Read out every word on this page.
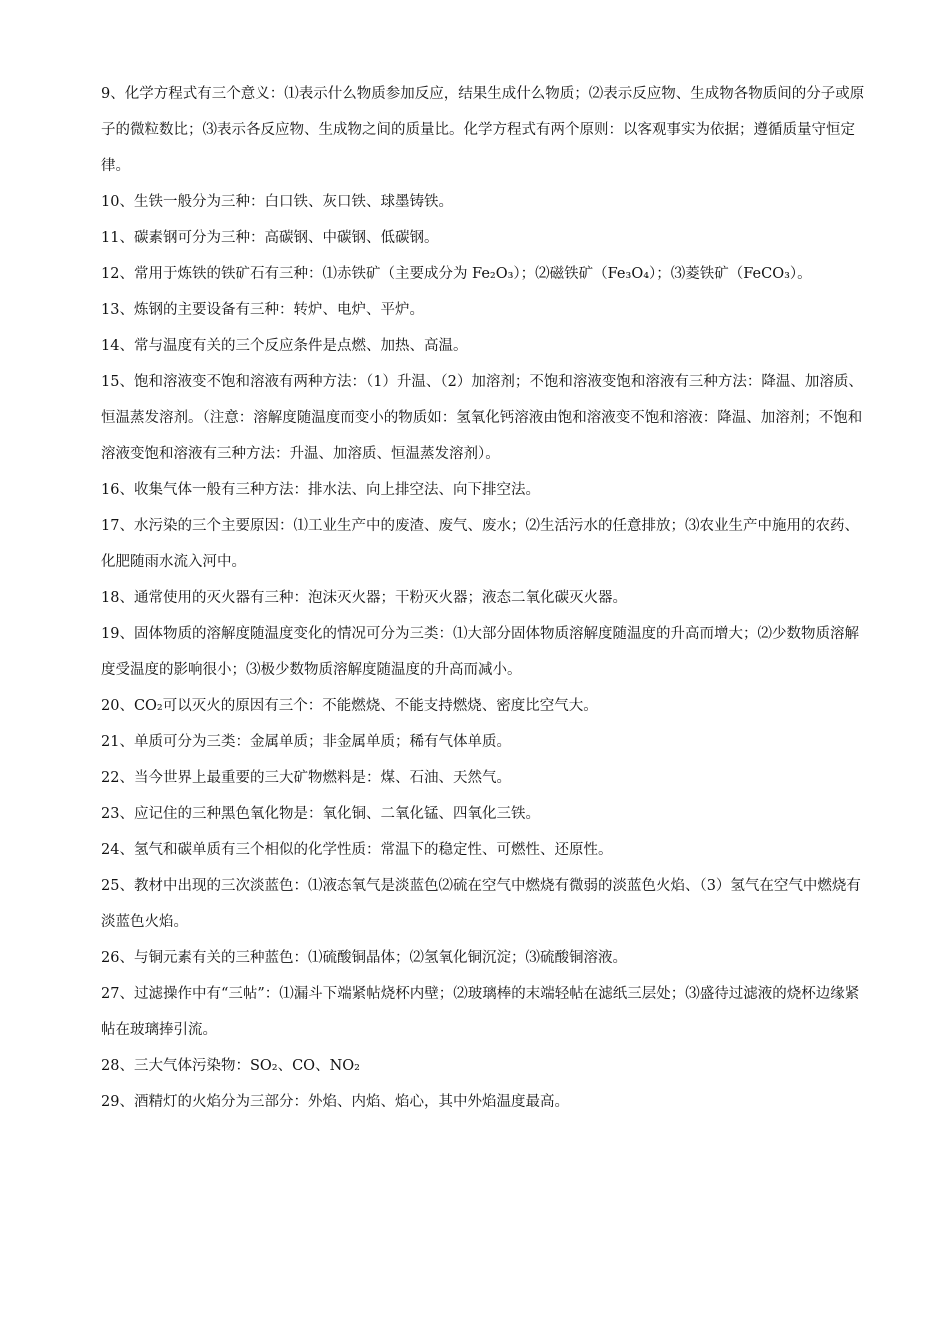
9、化学方程式有三个意义：⑴表示什么物质参加反应，结果生成什么物质；⑵表示反应物、生成物各物质间的分子或原子的微粒数比；⑶表示各反应物、生成物之间的质量比。化学方程式有两个原则：以客观事实为依据；遵循质量守恒定律。

10、生铁一般分为三种：白口铁、灰口铁、球墨铸铁。

11、碳素钢可分为三种：高碳钢、中碳钢、低碳钢。

12、常用于炼铁的铁矿石有三种：⑴赤铁矿（主要成分为 Fe₂O₃）；⑵磁铁矿（Fe₃O₄）；⑶菱铁矿（FeCO₃）。

13、炼钢的主要设备有三种：转炉、电炉、平炉。

14、常与温度有关的三个反应条件是点燃、加热、高温。

15、饱和溶液变不饱和溶液有两种方法：（1）升温、（2）加溶剂；不饱和溶液变饱和溶液有三种方法：降温、加溶质、恒温蒸发溶剂。（注意：溶解度随温度而变小的物质如：氢氧化钙溶液由饱和溶液变不饱和溶液：降温、加溶剂；不饱和溶液变饱和溶液有三种方法：升温、加溶质、恒温蒸发溶剂）。

16、收集气体一般有三种方法：排水法、向上排空法、向下排空法。

17、水污染的三个主要原因：⑴工业生产中的废渣、废气、废水；⑵生活污水的任意排放；⑶农业生产中施用的农药、化肥随雨水流入河中。

18、通常使用的灭火器有三种：泡沫灭火器；干粉灭火器；液态二氧化碳灭火器。

19、固体物质的溶解度随温度变化的情况可分为三类：⑴大部分固体物质溶解度随温度的升高而增大；⑵少数物质溶解度受温度的影响很小；⑶极少数物质溶解度随温度的升高而减小。

20、CO₂可以灭火的原因有三个：不能燃烧、不能支持燃烧、密度比空气大。

21、单质可分为三类：金属单质；非金属单质；稀有气体单质。

22、当今世界上最重要的三大矿物燃料是：煤、石油、天然气。

23、应记住的三种黑色氧化物是：氧化铜、二氧化锰、四氧化三铁。

24、氢气和碳单质有三个相似的化学性质：常温下的稳定性、可燃性、还原性。

25、教材中出现的三次淡蓝色：⑴液态氧气是淡蓝色⑵硫在空气中燃烧有微弱的淡蓝色火焰、（3）氢气在空气中燃烧有淡蓝色火焰。

26、与铜元素有关的三种蓝色：⑴硫酸铜晶体；⑵氢氧化铜沉淀；⑶硫酸铜溶液。

27、过滤操作中有“三帖”：⑴漏斗下端紧帖烧杯内壁；⑵玻璃棒的末端轻帖在滤纸三层处；⑶盛待过滤液的烧杯边缘紧帖在玻璃捧引流。

28、三大气体污染物：SO₂、CO、NO₂

29、酒精灯的火焰分为三部分：外焰、内焰、焰心，其中外焰温度最高。
